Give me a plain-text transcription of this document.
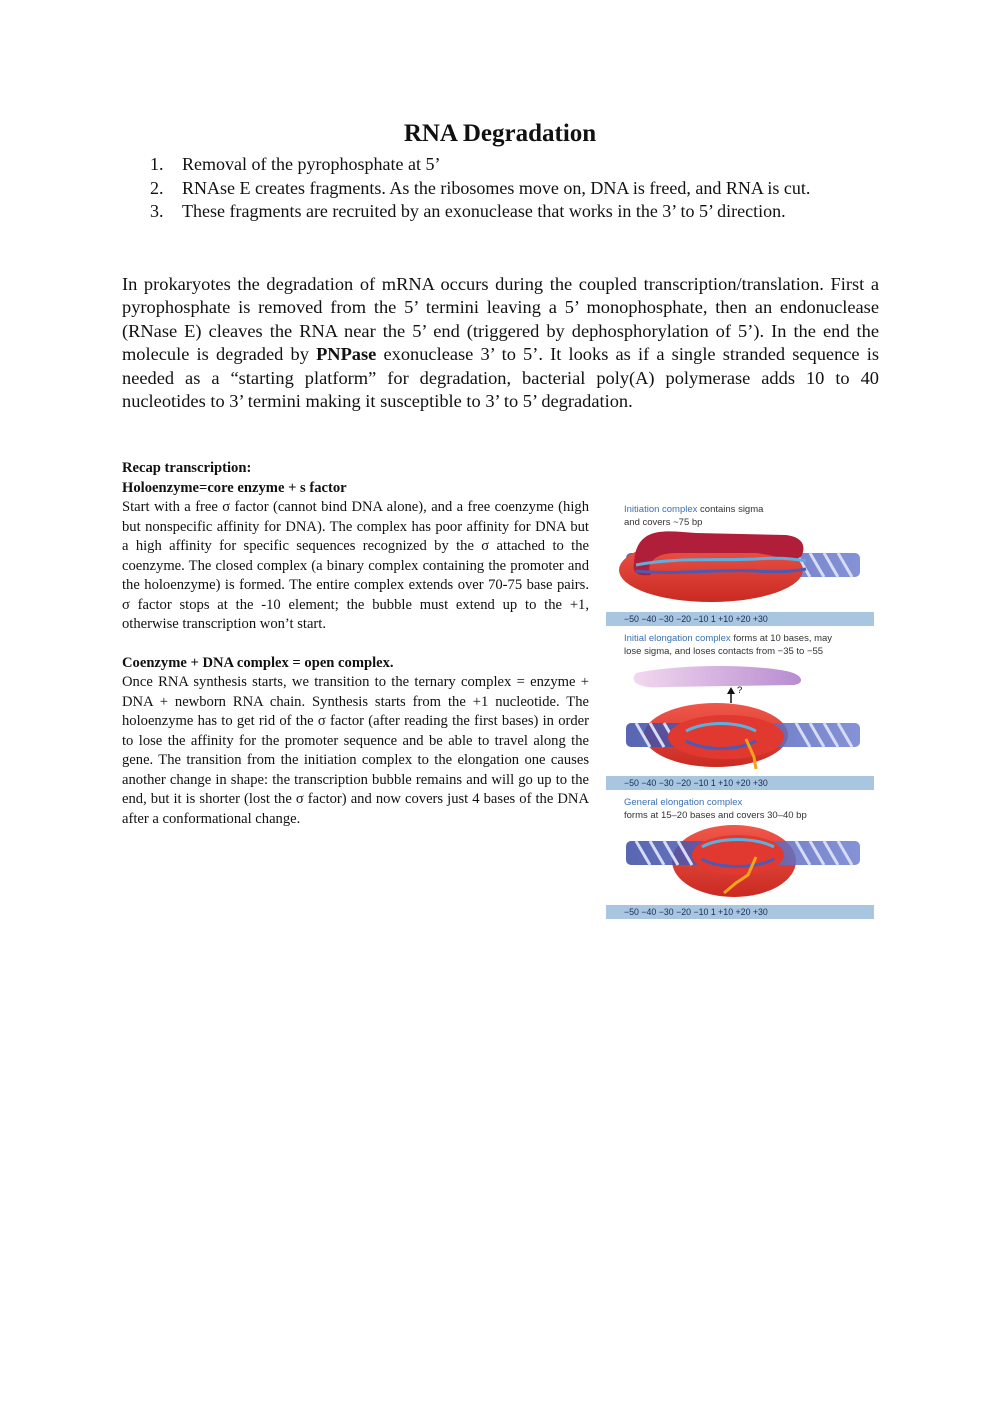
RNA Degradation
1. Removal of the pyrophosphate at 5’
2. RNAse E creates fragments. As the ribosomes move on, DNA is freed, and RNA is cut.
3. These fragments are recruited by an exonuclease that works in the 3’ to 5’ direction.

In prokaryotes the degradation of mRNA occurs during the coupled transcription/translation. First a pyrophosphate is removed from the 5’ termini leaving a 5’ monophosphate, then an endonuclease (RNase E) cleaves the RNA near the 5’ end (triggered by dephosphorylation of 5’). In the end the molecule is degraded by PNPase exonuclease 3’ to 5’. It looks as if a single stranded sequence is needed as a “starting platform” for degradation, bacterial poly(A) polymerase adds 10 to 40 nucleotides to 3’ termini making it susceptible to 3’ to 5’ degradation.

Recap transcription:

Holoenzyme=core enzyme + s factor

Start with a free σ factor (cannot bind DNA alone), and a free coenzyme (high but nonspecific affinity for DNA). The complex has poor affinity for DNA but a high affinity for specific sequences recognized by the σ attached to the coenzyme. The closed complex (a binary complex containing the promoter and the holoenzyme) is formed. The entire complex extends over 70-75 base pairs. σ factor stops at the -10 element; the bubble must extend up to the +1, otherwise transcription won’t start.

Coenzyme + DNA complex = open complex.

Once RNA synthesis starts, we transition to the ternary complex = enzyme + DNA + newborn RNA chain. Synthesis starts from the +1 nucleotide. The holoenzyme has to get rid of the σ factor (after reading the first bases) in order to lose the affinity for the promoter sequence and be able to travel along the gene. The transition from the initiation complex to the elongation one causes another change in shape: the transcription bubble remains and will go up to the end, but it is shorter (lost the σ factor) and now covers just 4 bases of the DNA after a conformational change.

Initiation complex contains sigma
and covers ~75 bp
−50 −40 −30 −20 −10 1 +10 +20 +30
Initial elongation complex forms at 10 bases, may
lose sigma, and loses contacts from −35 to −55
?
−50 −40 −30 −20 −10 1 +10 +20 +30
General elongation complex
forms at 15–20 bases and covers 30–40 bp
−50 −40 −30 −20 −10 1 +10 +20 +30
